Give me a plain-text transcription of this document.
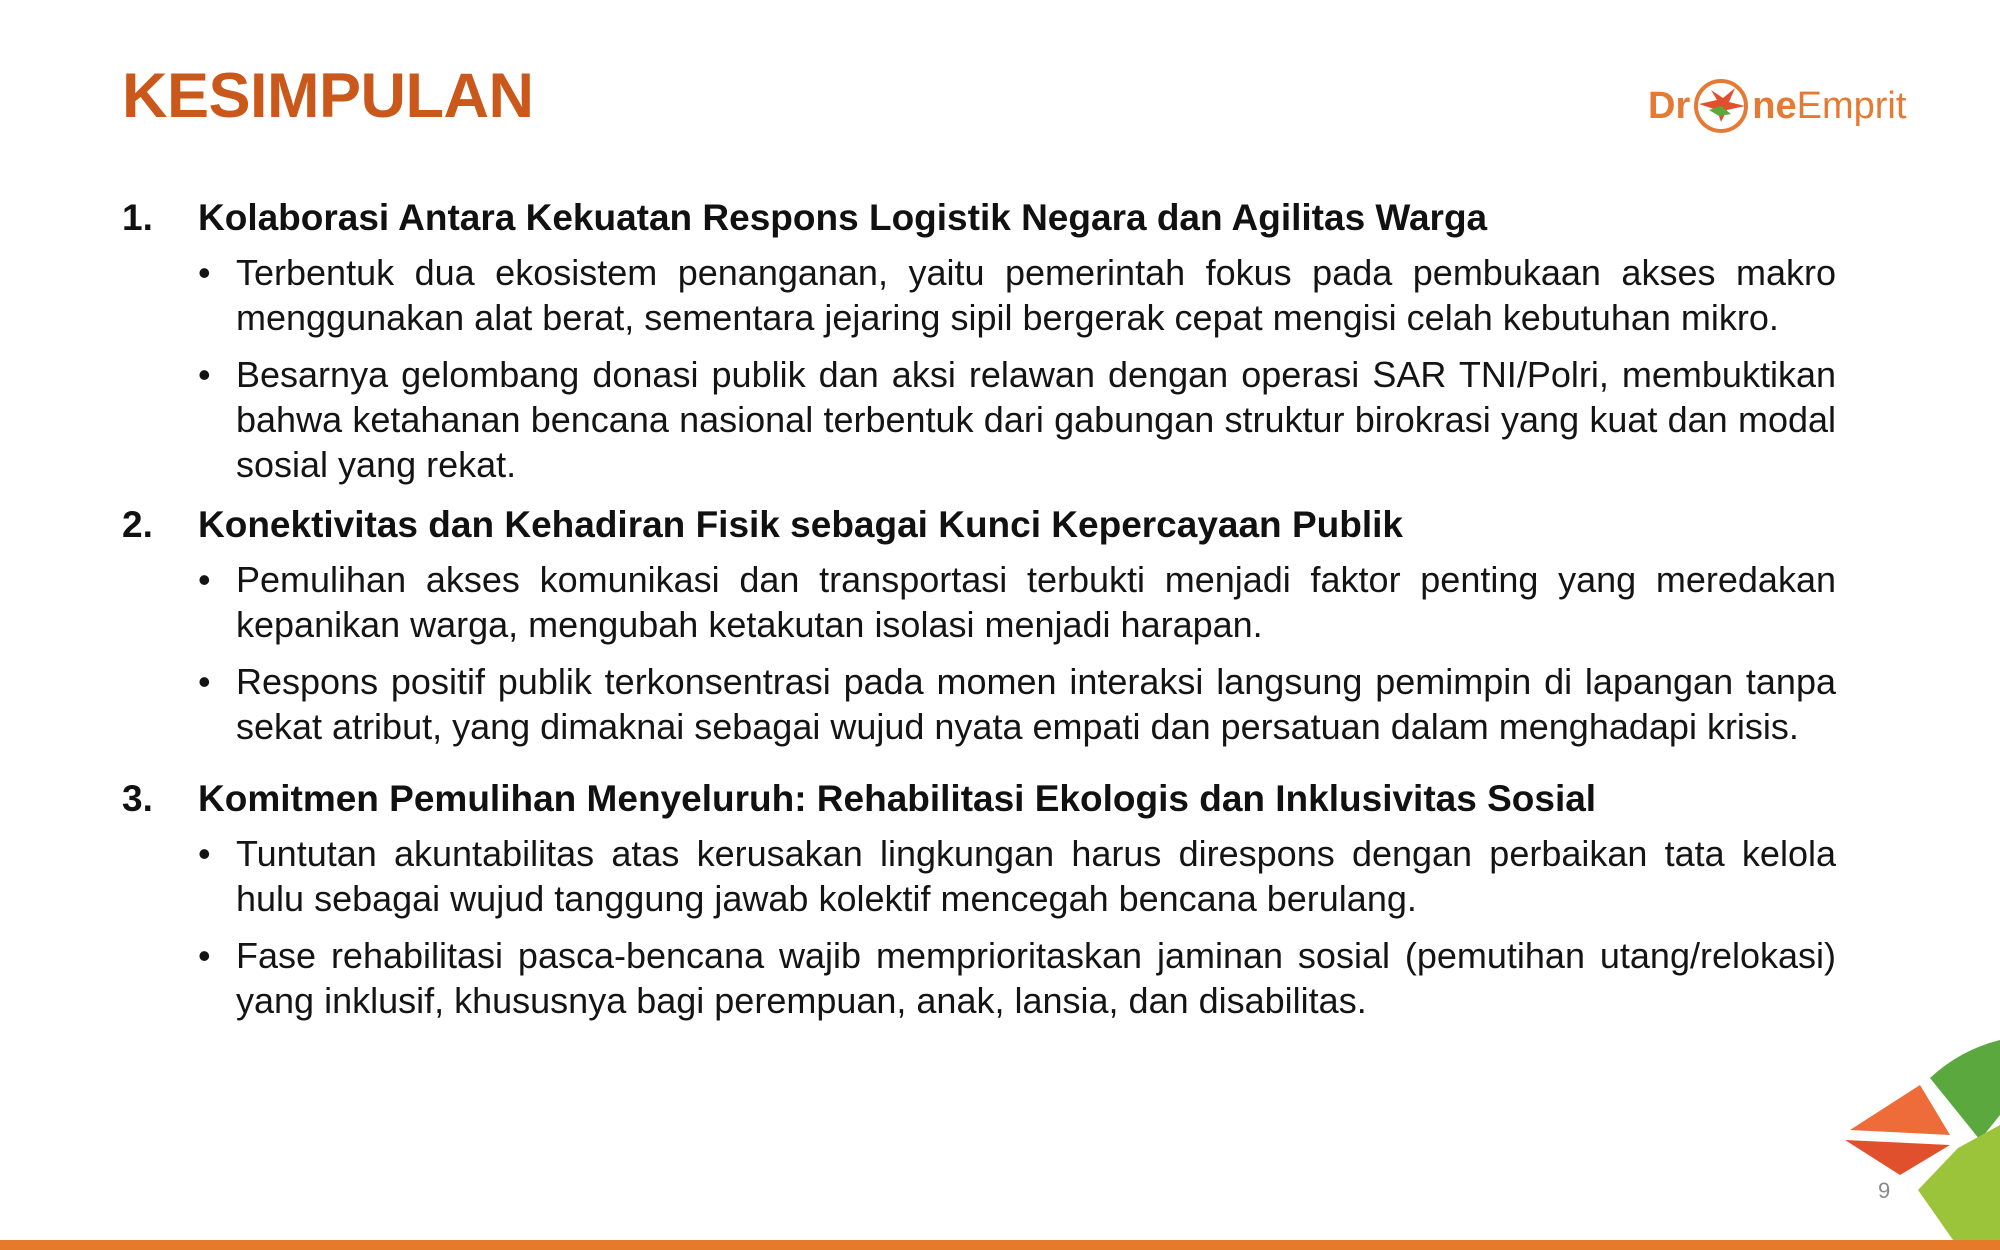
KESIMPULAN	Dr ne Emprit
1.	Kolaborasi Antara Kekuatan Respons Logistik Negara dan Agilitas Warga
• Terbentuk dua ekosistem penanganan, yaitu pemerintah fokus pada pembukaan akses makro menggunakan alat berat, sementara jejaring sipil bergerak cepat mengisi celah kebutuhan mikro.
• Besarnya gelombang donasi publik dan aksi relawan dengan operasi SAR TNI/Polri, membuktikan bahwa ketahanan bencana nasional terbentuk dari gabungan struktur birokrasi yang kuat dan modal sosial yang rekat.
2.	Konektivitas dan Kehadiran Fisik sebagai Kunci Kepercayaan Publik
• Pemulihan akses komunikasi dan transportasi terbukti menjadi faktor penting yang meredakan kepanikan warga, mengubah ketakutan isolasi menjadi harapan.
• Respons positif publik terkonsentrasi pada momen interaksi langsung pemimpin di lapangan tanpa sekat atribut, yang dimaknai sebagai wujud nyata empati dan persatuan dalam menghadapi krisis.
3.	Komitmen Pemulihan Menyeluruh: Rehabilitasi Ekologis dan Inklusivitas Sosial
• Tuntutan akuntabilitas atas kerusakan lingkungan harus direspons dengan perbaikan tata kelola hulu sebagai wujud tanggung jawab kolektif mencegah bencana berulang.
• Fase rehabilitasi pasca-bencana wajib memprioritaskan jaminan sosial (pemutihan utang/relokasi) yang inklusif, khususnya bagi perempuan, anak, lansia, dan disabilitas.
9
